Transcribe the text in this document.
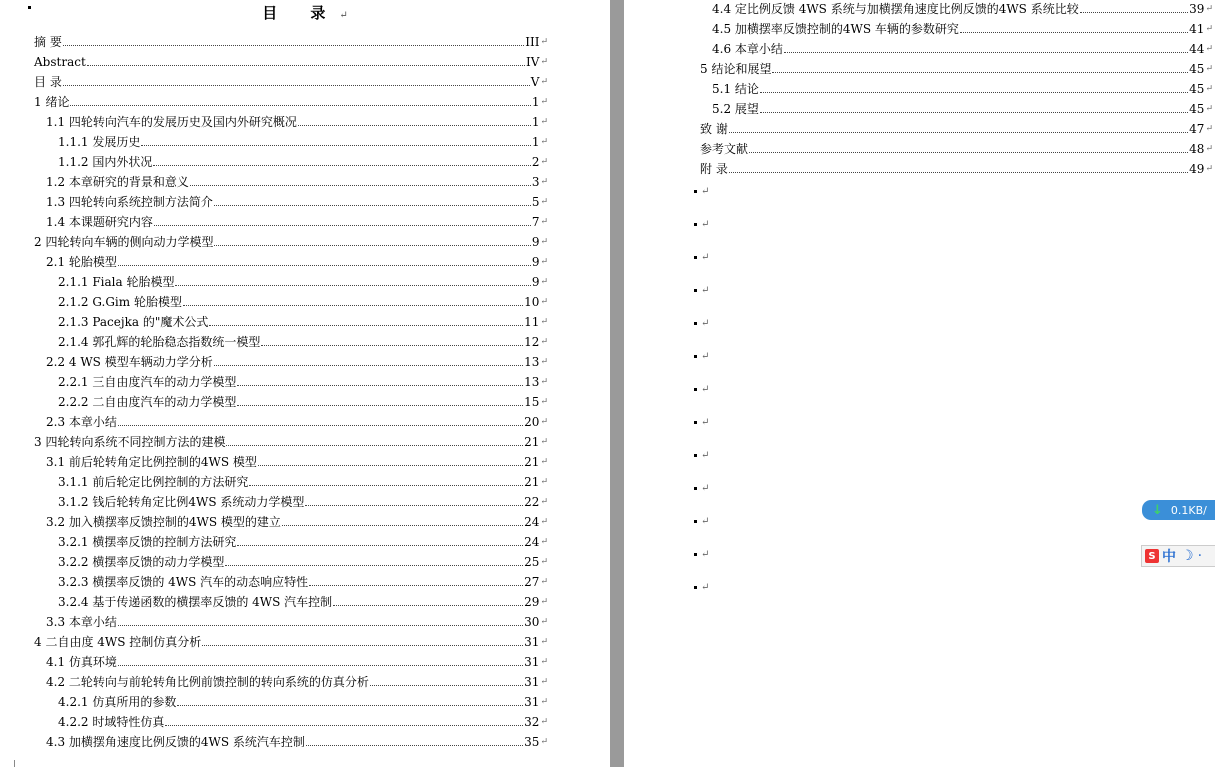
目 录↵
摘 要	III ↵
Abstract	IV ↵
目 录	V ↵
1 绪论	1 ↵
1.1 四轮转向汽车的发展历史及国内外研究概况	1 ↵
1.1.1 发展历史	1 ↵
1.1.2 国内外状况	2 ↵
1.2 本章研究的背景和意义	3 ↵
1.3 四轮转向系统控制方法简介	5 ↵
1.4 本课题研究内容	7 ↵
2 四轮转向车辆的侧向动力学模型	9 ↵
2.1 轮胎模型	9 ↵
2.1.1 Fiala 轮胎模型	9 ↵
2.1.2 G.Gim 轮胎模型	10 ↵
2.1.3 Pacejka 的"魔术公式	11 ↵
2.1.4 郭孔辉的轮胎稳态指数统一模型	12 ↵
2.2 4 WS 模型车辆动力学分析	13 ↵
2.2.1 三自由度汽车的动力学模型	13 ↵
2.2.2 二自由度汽车的动力学模型	15 ↵
2.3 本章小结	20 ↵
3 四轮转向系统不同控制方法的建模	21 ↵
3.1 前后轮转角定比例控制的4WS 模型	21 ↵
3.1.1 前后轮定比例控制的方法研究	21 ↵
3.1.2 钱后轮转角定比例4WS 系统动力学模型	22 ↵
3.2 加入横摆率反馈控制的4WS 模型的建立	24 ↵
3.2.1 横摆率反馈的控制方法研究	24 ↵
3.2.2 横摆率反馈的动力学模型	25 ↵
3.2.3 横摆率反馈的 4WS 汽车的动态响应特性	27 ↵
3.2.4 基于传递函数的横摆率反馈的 4WS 汽车控制	29 ↵
3.3 本章小结	30 ↵
4 二自由度 4WS 控制仿真分析	31 ↵
4.1 仿真环境	31 ↵
4.2 二轮转向与前轮转角比例前馈控制的转向系统的仿真分析	31 ↵
4.2.1 仿真所用的参数	31 ↵
4.2.2 时域特性仿真	32 ↵
4.3 加横摆角速度比例反馈的4WS 系统汽车控制	35 ↵
4.4 定比例反馈 4WS 系统与加横摆角速度比例反馈的4WS 系统比较	39 ↵
4.5 加横摆率反馈控制的4WS 车辆的参数研究	41 ↵
4.6 本章小结	44 ↵
5 结论和展望	45 ↵
5.1 结论	45 ↵
5.2 展望	45 ↵
致 谢	47 ↵
参考文献	48 ↵
附 录	49 ↵
↵
↵
↵
↵
↵
↵
↵
↵
↵
↵
↵
↵
↵
↓ 0.1KB/
S 中 ☽ ·
